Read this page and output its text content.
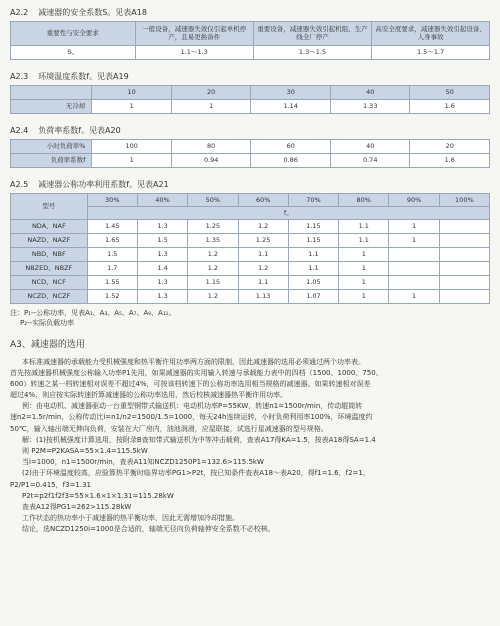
A2.2 减速器的安全系数S。见表A18
重要性与安全要求	一般设备，减速器失效仅引起单机停产，且易更换备件	重要设备，减速器失效引起机组、生产线全厂停产	高安全度要求，减速器失效引起设备、人身事故
S。	1.1～1.3	1.3～1.5	1.5～1.7
A2.3 环境温度系数f。见表A19
	10	20	30	40	50
无冷却	1	1	1.14	1.33	1.6
A2.4 负荷率系数f。见表A20
小时负荷率%	100	80	60	40	20
负荷率系数f	1	0.94	0.86	0.74	1.6
A2.5 减速器公称功率利用系数f。见表A21
型号	30%	40%	50%	60%	70%	80%	90%	100%
	f。							
NDA、NAF	1.45	1.3	1.25	1.2	1.15	1.1	1	
NAZD、NAZF	1.65	1.5	1.35	1.25	1.15	1.1	1	
NBD、NBF	1.5	1.3	1.2	1.1	1.1	1		
NBZED、NBZF	1.7	1.4	1.2	1.2	1.1	1		
NCD、NCF	1.55	1.3	1.15	1.1	1.05	1		
NCZD、NCZF	1.52	1.3	1.2	1.13	1.07	1	1	
注：P₁--公称功率，见表A₁、A₃、A₅、A₇、A₉、A₁₁。
P₂--实际负载功率
A3、减速器的选用

本标准减速器的承载能力受机械强度和热平衡许用功率两方面的限制，因此减速器的选用必须通过两个功率表。

首先按减速器机械强度公称输入功率P1先用，如果减速器的实用输入转速与承载能力表中的四档（1500、1000、750、

600）转速之某一档转速相对误差不超过4%，可按该档转速下的公称功率选用相当规格的减速器。如果转速相对误差

超过4%，则应按实际转速折算减速器的公称功率选用，然后校核减速器热平衡许用功率。

例：由电动机、减速器驱动一台重型钢带式输送机：电动机功率P=55KW，转速n1=1500r/min，传动辊筒转

速n2=1.5r/min，公称传动比i=n1/n2=1500/1.5=1000，每天24h连续运转，小时负荷利用率100%，环境温度约

50℃，输入轴出端无伸向负荷，安装在大厂房内，油池润滑，应屋联接，试选行星减速器的型号规格。

解：(1)按机械强度计算选用，按附录B查知带式输送机为中等冲击载荷，查表A17得KA=1.5，按表A18得SA=1.4

则 P2M=P2KASA=55×1.4=115.5kW

当i=1000，n1=1500r/min，查表A11知NCZD1250P1=132.6>115.5kW

(2)由于环境温度较高，应验算热平衡时临界功率PG1>P2t，按已知条件查表A18～表A20，得f1=1.6，f2=1，

P2/P1=0.415，f3=1.31

P2t=p2f1f2f3=55×1.6×1×1.31=115.28kW

查表A12得PG1=262>115.28kW

工作状态的热功率小于减速器的热平衡功率，因此无需增加冷却措施。

结论，选NCZD1250i=1000是合适的，轴端无径向负荷轴伸安全系数不必校核。
